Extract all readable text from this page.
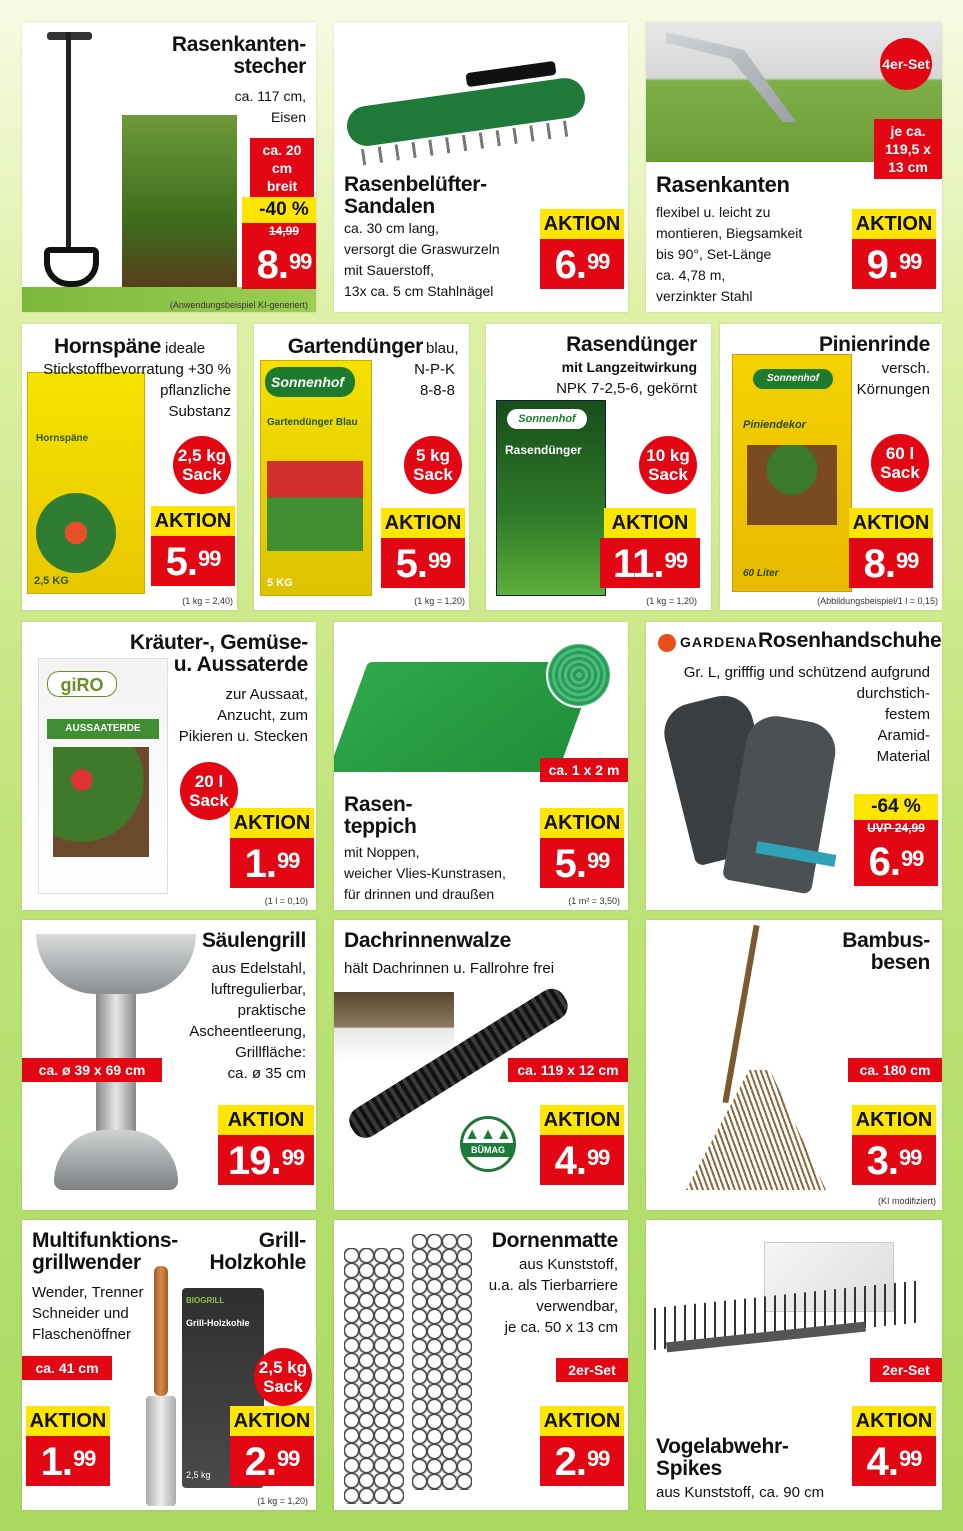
Rasenkanten-stecher
ca. 117 cm,
Eisen
ca. 20 cm breit
-40 %
14,99
8.99
(Anwendungsbeispiel KI-generiert)
Rasenbelüfter-Sandalen
ca. 30 cm lang,
versorgt die Graswurzeln
mit Sauerstoff,
13x ca. 5 cm Stahlnägel
AKTION
6.99
4er-Set
je ca. 119,5 x 13 cm
Rasenkanten
flexibel u. leicht zu
montieren, Biegsamkeit
bis 90°, Set-Länge
ca. 4,78 m,
verzinkter Stahl
AKTION
9.99
Hornspäne
2,5 KG
Hornspäne ideale
Stickstoffbevorratung +30 %
pflanzliche
Substanz
2,5 kg
Sack
AKTION
5.99
(1 kg = 2,40)
Sonnenhof
Gartendünger Blau
5 KG
Gartendünger blau,
N-P-K
8-8-8
5 kg
Sack
AKTION
5.99
(1 kg = 1,20)
Sonnenhof
Rasendünger
Rasendünger
mit Langzeitwirkung
NPK 7-2,5-6, gekörnt
10 kg
Sack
AKTION
11.99
(1 kg = 1,20)
Sonnenhof
Piniendekor
60 Liter
Pinienrinde
versch.
Körnungen
60 l
Sack
AKTION
8.99
(Abbildungsbeispiel/1 l = 0,15)
giRO
AUSSAATERDE
Kräuter-, Gemüse-
u. Aussaterde
zur Aussaat,
Anzucht, zum
Pikieren u. Stecken
20 l
Sack
AKTION
1.99
(1 l = 0,10)
ca. 1 x 2 m
Rasen-
teppich
mit Noppen,
weicher Vlies-Kunstrasen,
für drinnen und draußen
AKTION
5.99
(1 m² = 3,50)
GARDENA Rosenhandschuhe
Gr. L, grifffig und schützend aufgrund
durchstich-
festem
Aramid-
Material
-64 %
UVP 24,99
6.99
Säulengrill
aus Edelstahl,
luftregulierbar,
praktische
Ascheentleerung,
Grillfläche:
ca. ø 35 cm
ca. ø 39 x 69 cm
AKTION
19.99
Dachrinnenwalze
hält Dachrinnen u. Fallrohre frei
ca. 119 x 12 cm
▲▲▲
BÜMAG
AKTION
4.99
Bambus-
besen
ca. 180 cm
AKTION
3.99
(KI modifiziert)
Multifunktions-
grillwender
Wender, Trenner
Schneider und
Flaschenöffner
ca. 41 cm
Grill-
Holzkohle
BIOGRILL
Grill-Holzkohle
2,5 kg
2,5 kg
Sack
AKTION
1.99
AKTION
2.99
(1 kg = 1,20)
Dornenmatte
aus Kunststoff,
u.a. als Tierbarriere
verwendbar,
je ca. 50 x 13 cm
2er-Set
AKTION
2.99
2er-Set
Vogelabwehr-
Spikes
aus Kunststoff, ca. 90 cm
AKTION
4.99
